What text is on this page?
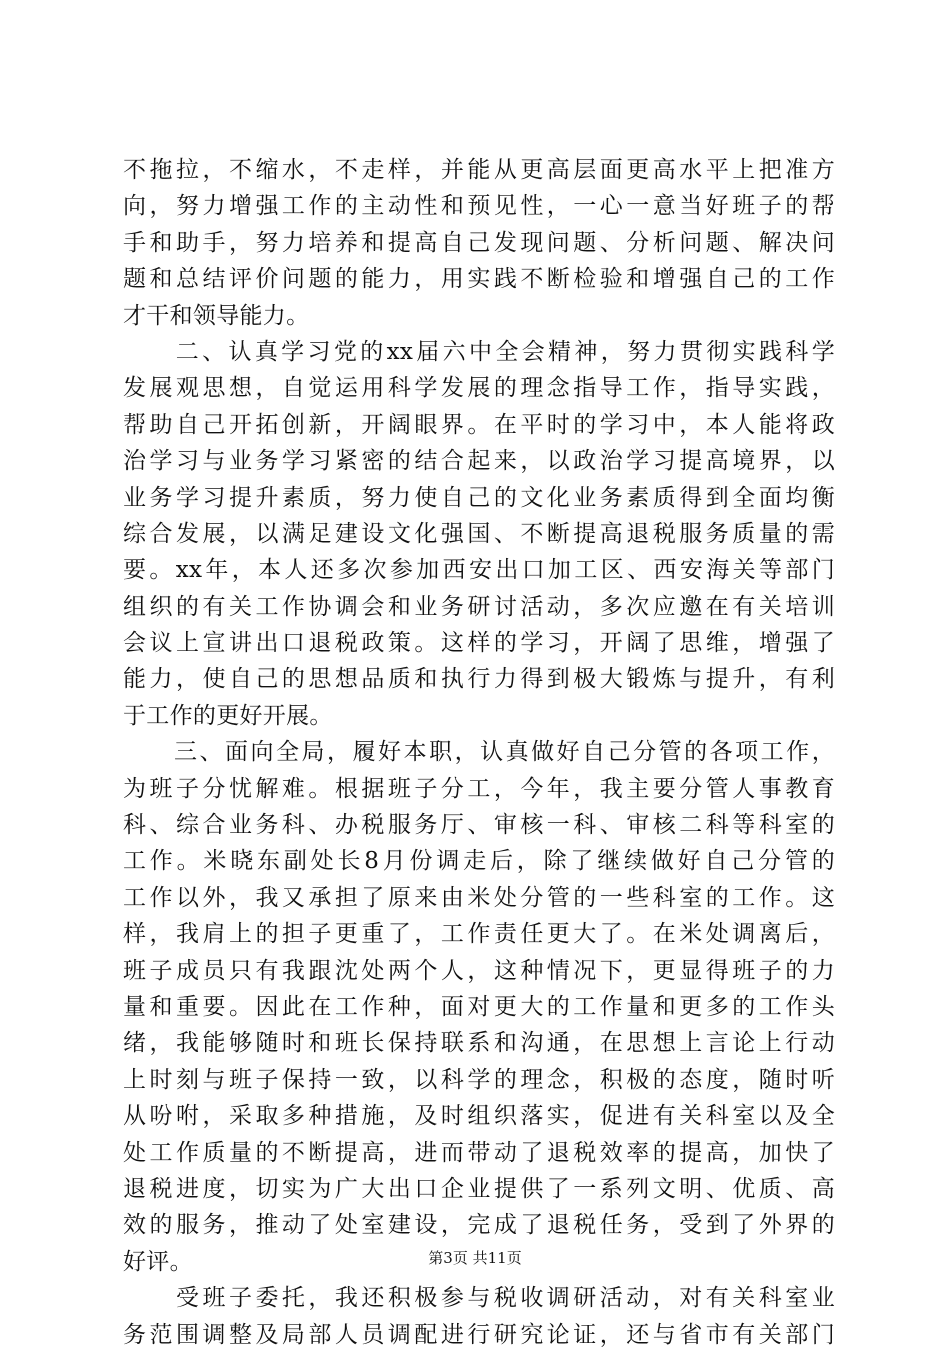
不拖拉，不缩水，不走样，并能从更高层面更高水平上把准方
向，努力增强工作的主动性和预见性，一心一意当好班子的帮
手和助手，努力培养和提高自己发现问题、分析问题、解决问
题和总结评价问题的能力，用实践不断检验和增强自己的工作
才干和领导能力。
　　二、认真学习党的xx届六中全会精神，努力贯彻实践科学
发展观思想，自觉运用科学发展的理念指导工作，指导实践，
帮助自己开拓创新，开阔眼界。在平时的学习中，本人能将政
治学习与业务学习紧密的结合起来，以政治学习提高境界，以
业务学习提升素质，努力使自己的文化业务素质得到全面均衡
综合发展，以满足建设文化强国、不断提高退税服务质量的需
要。xx年，本人还多次参加西安出口加工区、西安海关等部门
组织的有关工作协调会和业务研讨活动，多次应邀在有关培训
会议上宣讲出口退税政策。这样的学习，开阔了思维，增强了
能力，使自己的思想品质和执行力得到极大锻炼与提升，有利
于工作的更好开展。
　　三、面向全局，履好本职，认真做好自己分管的各项工作，
为班子分忧解难。根据班子分工，今年，我主要分管人事教育
科、综合业务科、办税服务厅、审核一科、审核二科等科室的
工作。米晓东副处长8月份调走后，除了继续做好自己分管的
工作以外，我又承担了原来由米处分管的一些科室的工作。这
样，我肩上的担子更重了，工作责任更大了。在米处调离后，
班子成员只有我跟沈处两个人，这种情况下，更显得班子的力
量和重要。因此在工作种，面对更大的工作量和更多的工作头
绪，我能够随时和班长保持联系和沟通，在思想上言论上行动
上时刻与班子保持一致，以科学的理念，积极的态度，随时听
从吩咐，采取多种措施，及时组织落实，促进有关科室以及全
处工作质量的不断提高，进而带动了退税效率的提高，加快了
退税进度，切实为广大出口企业提供了一系列文明、优质、高
效的服务，推动了处室建设，完成了退税任务，受到了外界的
好评。
　　受班子委托，我还积极参与税收调研活动，对有关科室业
务范围调整及局部人员调配进行研究论证，还与省市有关部门
第3页 共11页
